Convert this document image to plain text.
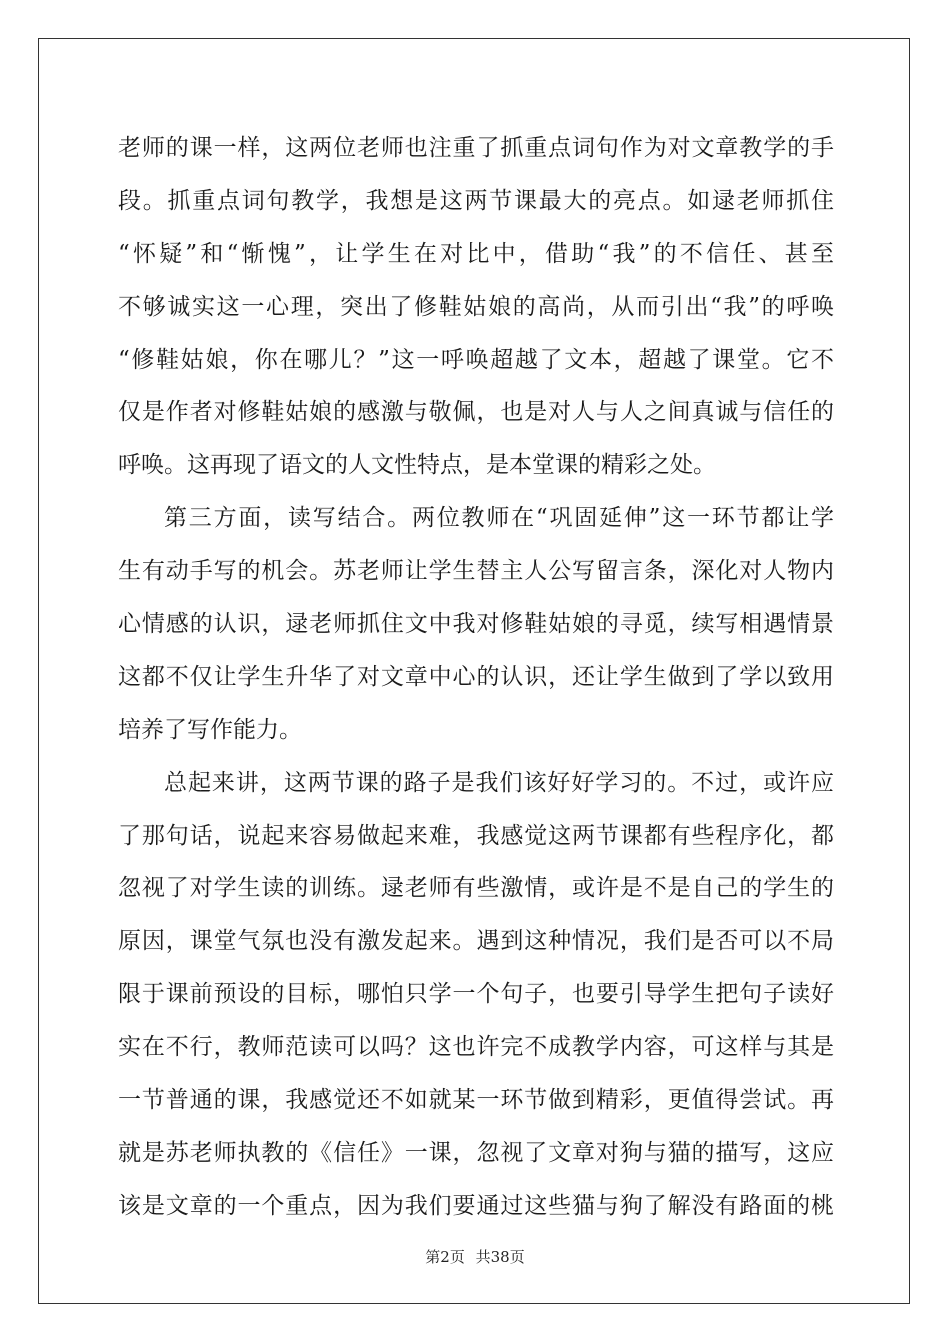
老师的课一样，这两位老师也注重了抓重点词句作为对文章教学的手
段。抓重点词句教学，我想是这两节课最大的亮点。如逯老师抓住
“怀疑”和“惭愧”，让学生在对比中，借助“我”的不信任、甚至
不够诚实这一心理，突出了修鞋姑娘的高尚，从而引出“我”的呼唤
“修鞋姑娘，你在哪儿？”这一呼唤超越了文本，超越了课堂。它不
仅是作者对修鞋姑娘的感激与敬佩，也是对人与人之间真诚与信任的
呼唤。这再现了语文的人文性特点，是本堂课的精彩之处。
第三方面，读写结合。两位教师在“巩固延伸”这一环节都让学
生有动手写的机会。苏老师让学生替主人公写留言条，深化对人物内
心情感的认识，逯老师抓住文中我对修鞋姑娘的寻觅，续写相遇情景
这都不仅让学生升华了对文章中心的认识，还让学生做到了学以致用
培养了写作能力。
总起来讲，这两节课的路子是我们该好好学习的。不过，或许应
了那句话，说起来容易做起来难，我感觉这两节课都有些程序化，都
忽视了对学生读的训练。逯老师有些激情，或许是不是自己的学生的
原因，课堂气氛也没有激发起来。遇到这种情况，我们是否可以不局
限于课前预设的目标，哪怕只学一个句子，也要引导学生把句子读好
实在不行，教师范读可以吗？这也许完不成教学内容，可这样与其是
一节普通的课，我感觉还不如就某一环节做到精彩，更值得尝试。再
就是苏老师执教的《信任》一课，忽视了文章对狗与猫的描写，这应
该是文章的一个重点，因为我们要通过这些猫与狗了解没有路面的桃
第2页 共38页
